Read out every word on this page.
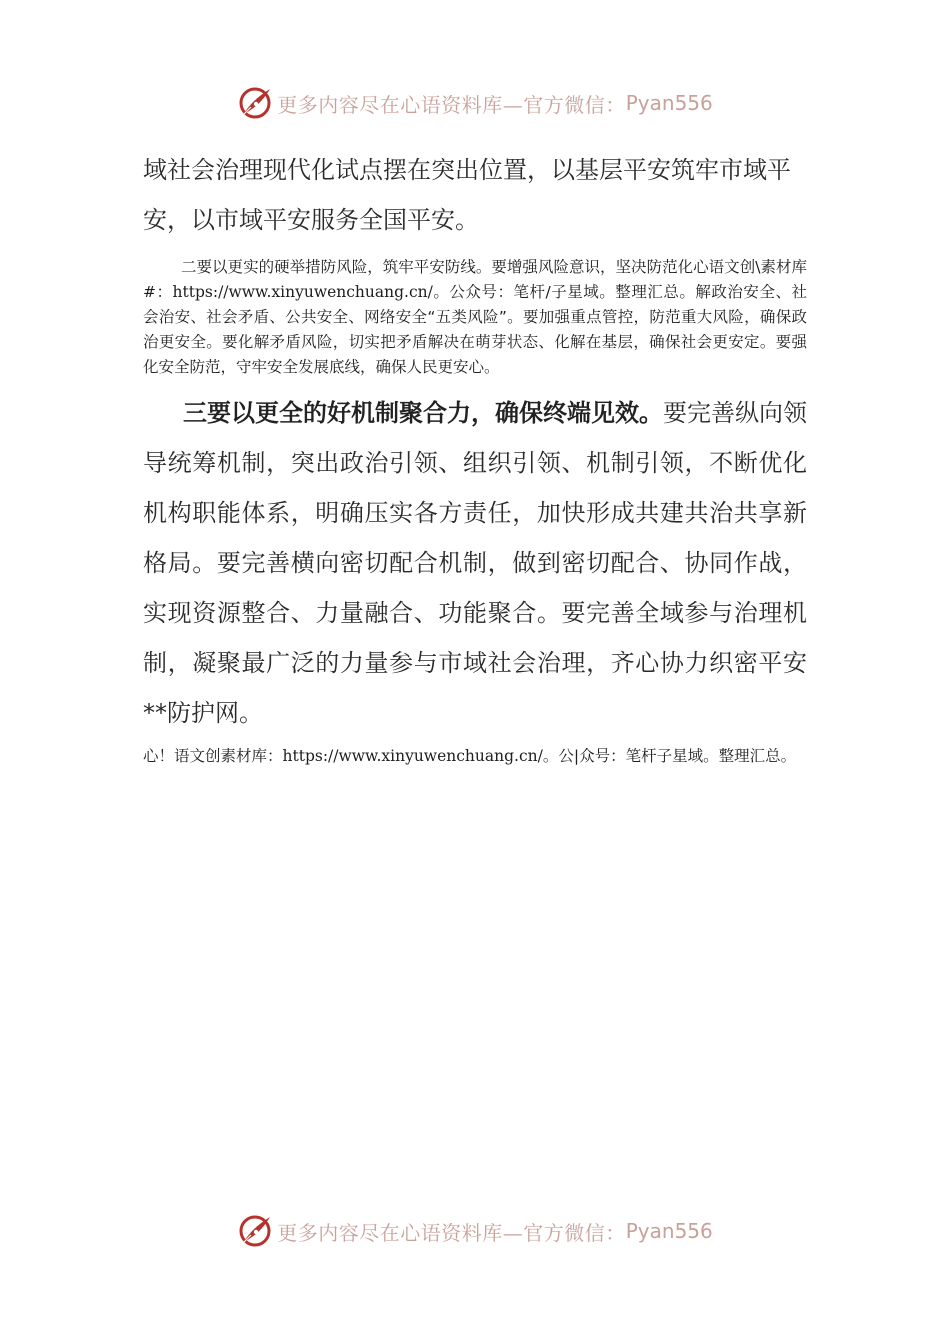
更多内容尽在心语资料库—官方微信： Pyan556

域社会治理现代化试点摆在突出位置，以基层平安筑牢市域平
安，以市域平安服务全国平安。

二要以更实的硬举措防风险，筑牢平安防线。要增强风险意识，坚决防范化心语文创\素材库#：https://www.xinyuwenchuang.cn/。公众号：笔杆/子星域。整理汇总。解政治安全、社会治安、社会矛盾、公共安全、网络安全“五类风险”。要加强重点管控，防范重大风险，确保政治更安全。要化解矛盾风险，切实把矛盾解决在萌芽状态、化解在基层，确保社会更安定。要强化安全防范，守牢安全发展底线，确保人民更安心。

三要以更全的好机制聚合力，确保终端见效。要完善纵向领导统筹机制，突出政治引领、组织引领、机制引领，不断优化机构职能体系，明确压实各方责任，加快形成共建共治共享新格局。要完善横向密切配合机制，做到密切配合、协同作战，实现资源整合、力量融合、功能聚合。要完善全域参与治理机制，凝聚最广泛的力量参与市域社会治理，齐心协力织密平安**防护网。

心！语文创素材库：https://www.xinyuwenchuang.cn/。公|众号：笔杆子星域。整理汇总。

更多内容尽在心语资料库—官方微信： Pyan556
